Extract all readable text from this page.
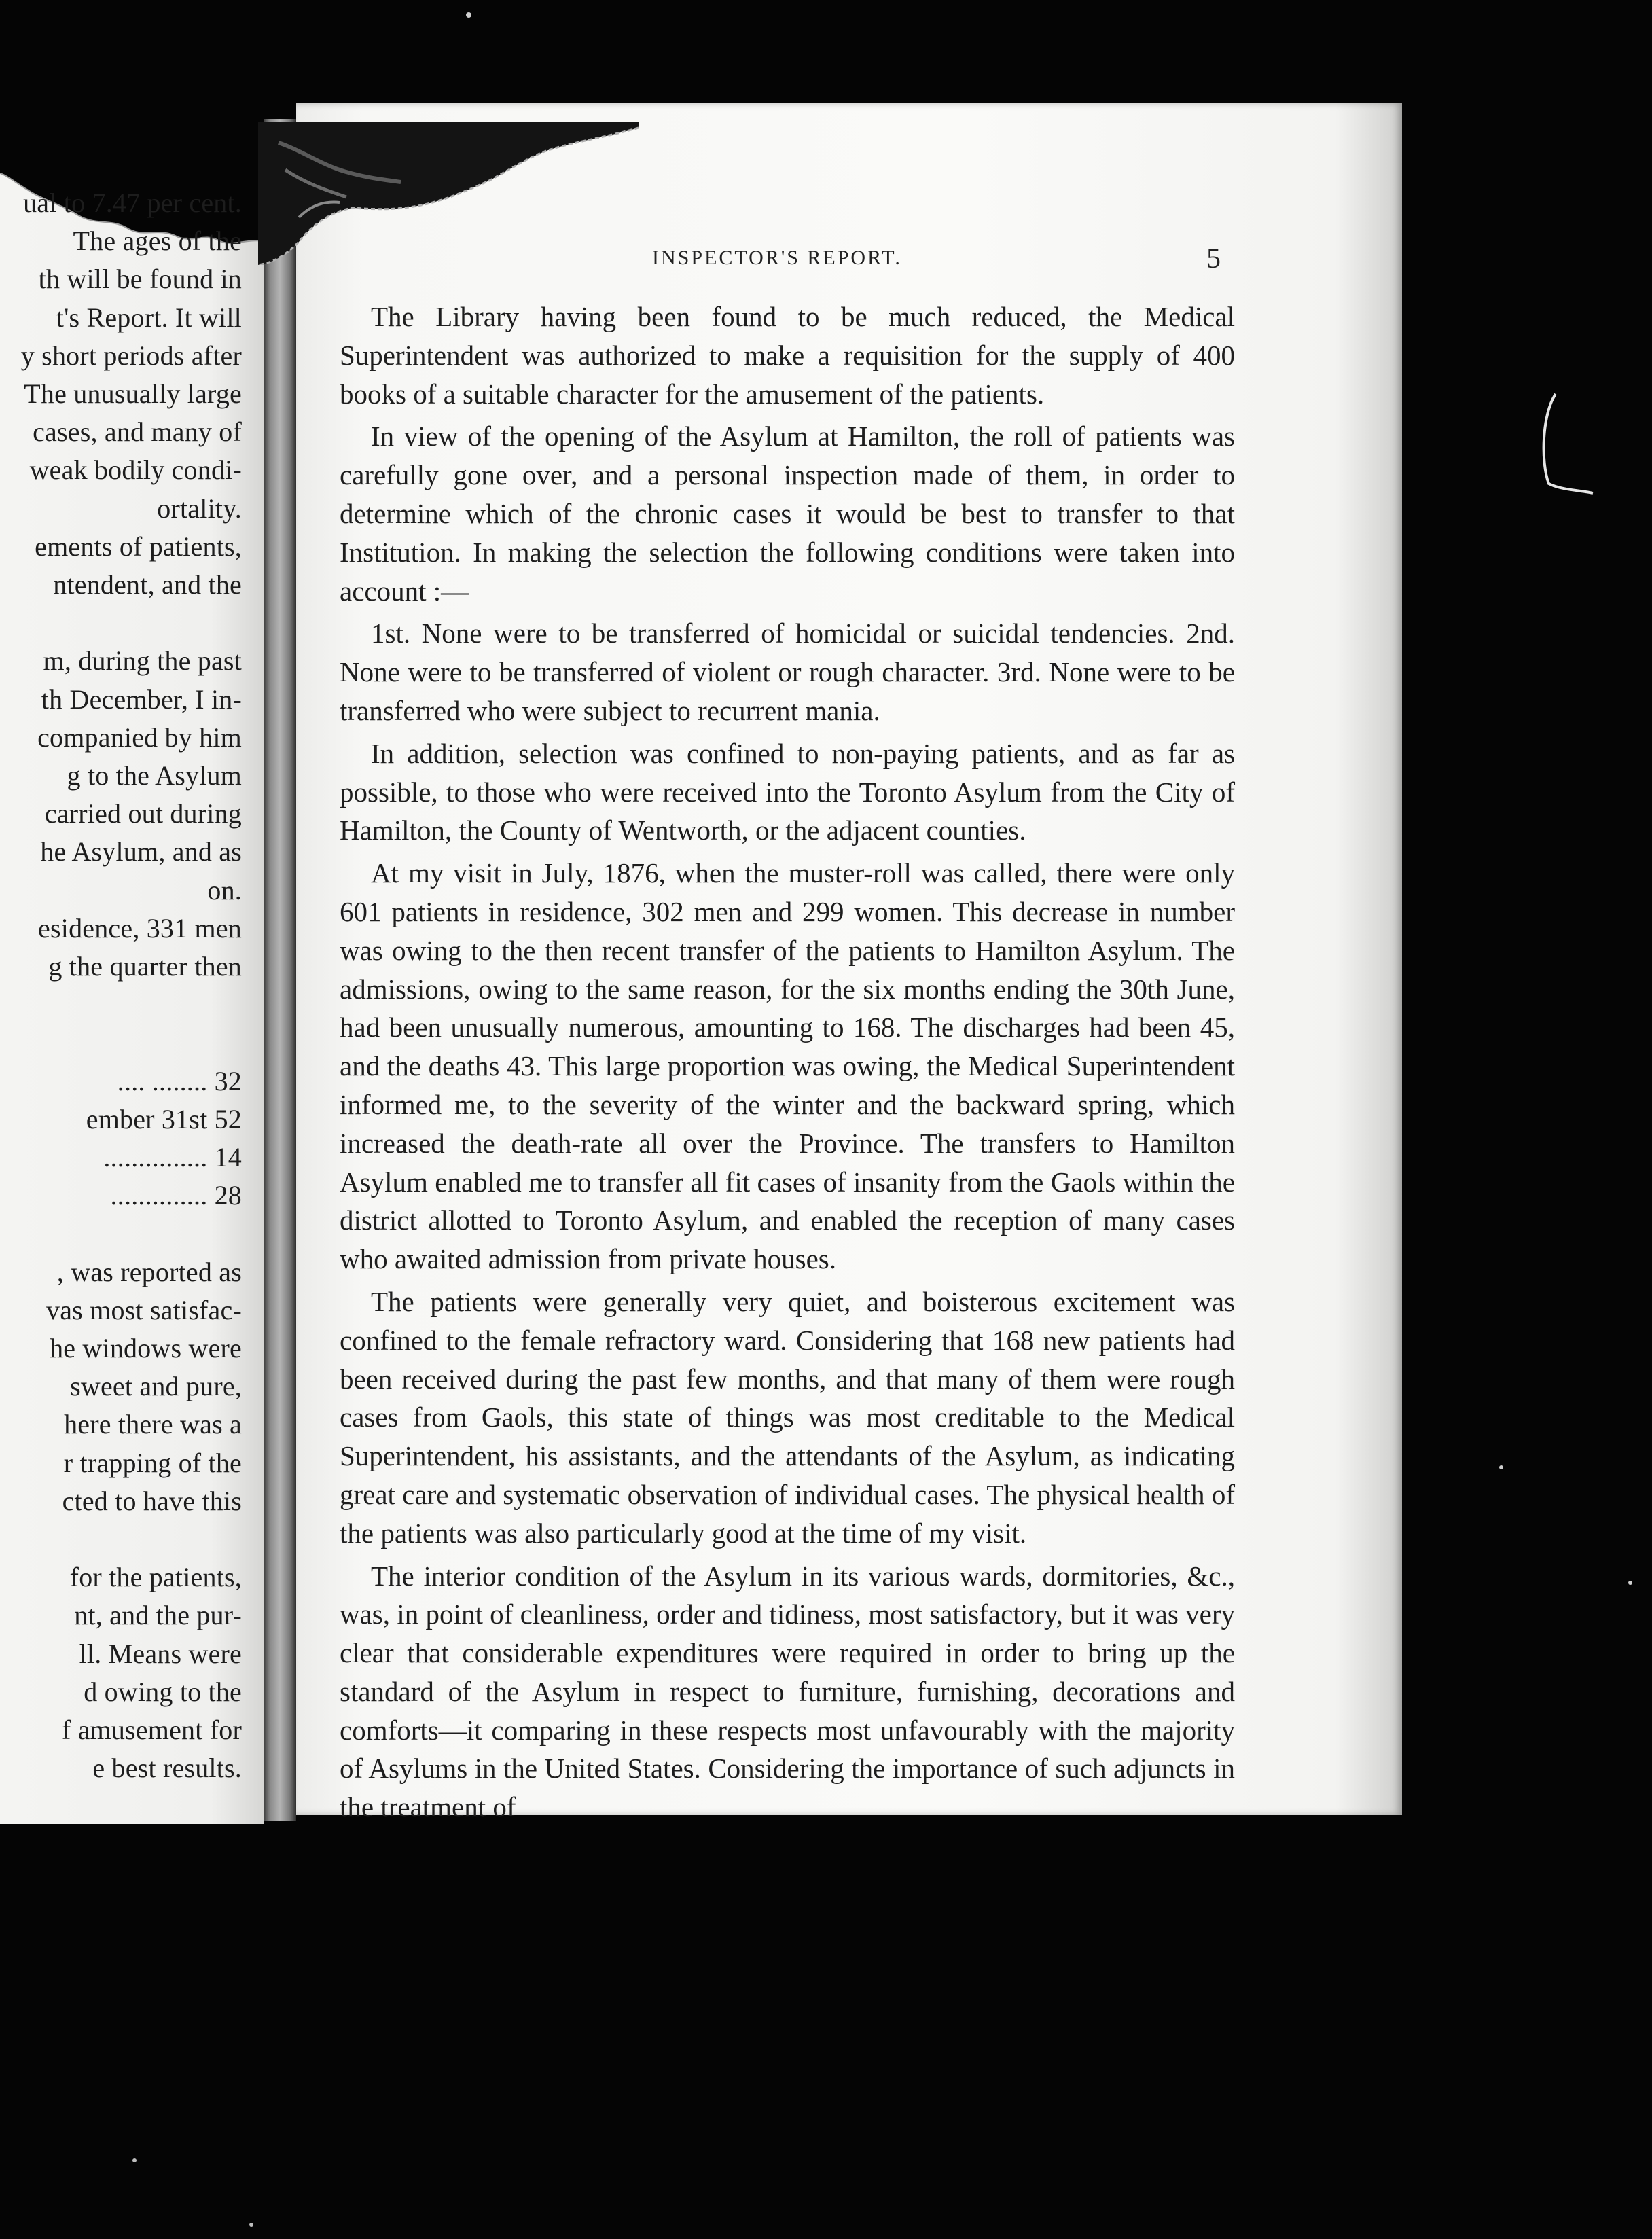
ual to 7.47 per cent.
The ages of the
th will be found in
t's Report. It will
y short periods after
The unusually large
cases, and many of
weak bodily condi-
ortality.
ements of patients,
ntendent, and the
m, during the past
th December, I in-
companied by him
g to the Asylum
carried out during
he Asylum, and as
on.
esidence, 331 men
g the quarter then
.... ........ 32
ember 31st 52
............... 14
.............. 28
, was reported as
vas most satisfac-
he windows were
sweet and pure,
here there was a
r trapping of the
cted to have this
for the patients,
nt, and the pur-
ll. Means were
d owing to the
f amusement for
e best results.
INSPECTOR'S REPORT.	5

The Library having been found to be much reduced, the Medical Superintendent was authorized to make a requisition for the supply of 400 books of a suitable character for the amusement of the patients.

In view of the opening of the Asylum at Hamilton, the roll of patients was carefully gone over, and a personal inspection made of them, in order to determine which of the chronic cases it would be best to transfer to that Institution. In making the selection the following conditions were taken into account :—

1st. None were to be transferred of homicidal or suicidal tendencies. 2nd. None were to be transferred of violent or rough character. 3rd. None were to be transferred who were subject to recurrent mania.

In addition, selection was confined to non-paying patients, and as far as possible, to those who were received into the Toronto Asylum from the City of Hamilton, the County of Wentworth, or the adjacent counties.

At my visit in July, 1876, when the muster-roll was called, there were only 601 patients in residence, 302 men and 299 women. This decrease in number was owing to the then recent transfer of the patients to Hamilton Asylum. The admissions, owing to the same reason, for the six months ending the 30th June, had been unusually numerous, amounting to 168. The discharges had been 45, and the deaths 43. This large proportion was owing, the Medical Superintendent informed me, to the severity of the winter and the backward spring, which increased the death-rate all over the Province. The transfers to Hamilton Asylum enabled me to transfer all fit cases of insanity from the Gaols within the district allotted to Toronto Asylum, and enabled the reception of many cases who awaited admission from private houses.

The patients were generally very quiet, and boisterous excitement was confined to the female refractory ward. Considering that 168 new patients had been received during the past few months, and that many of them were rough cases from Gaols, this state of things was most creditable to the Medical Superintendent, his assistants, and the attendants of the Asylum, as indicating great care and systematic observation of individual cases. The physical health of the patients was also particularly good at the time of my visit.

The interior condition of the Asylum in its various wards, dormitories, &c., was, in point of cleanliness, order and tidiness, most satisfactory, but it was very clear that considerable expenditures were required in order to bring up the standard of the Asylum in respect to furniture, furnishing, decorations and comforts—it comparing in these respects most unfavourably with the majority of Asylums in the United States. Considering the importance of such adjuncts in the treatment of
